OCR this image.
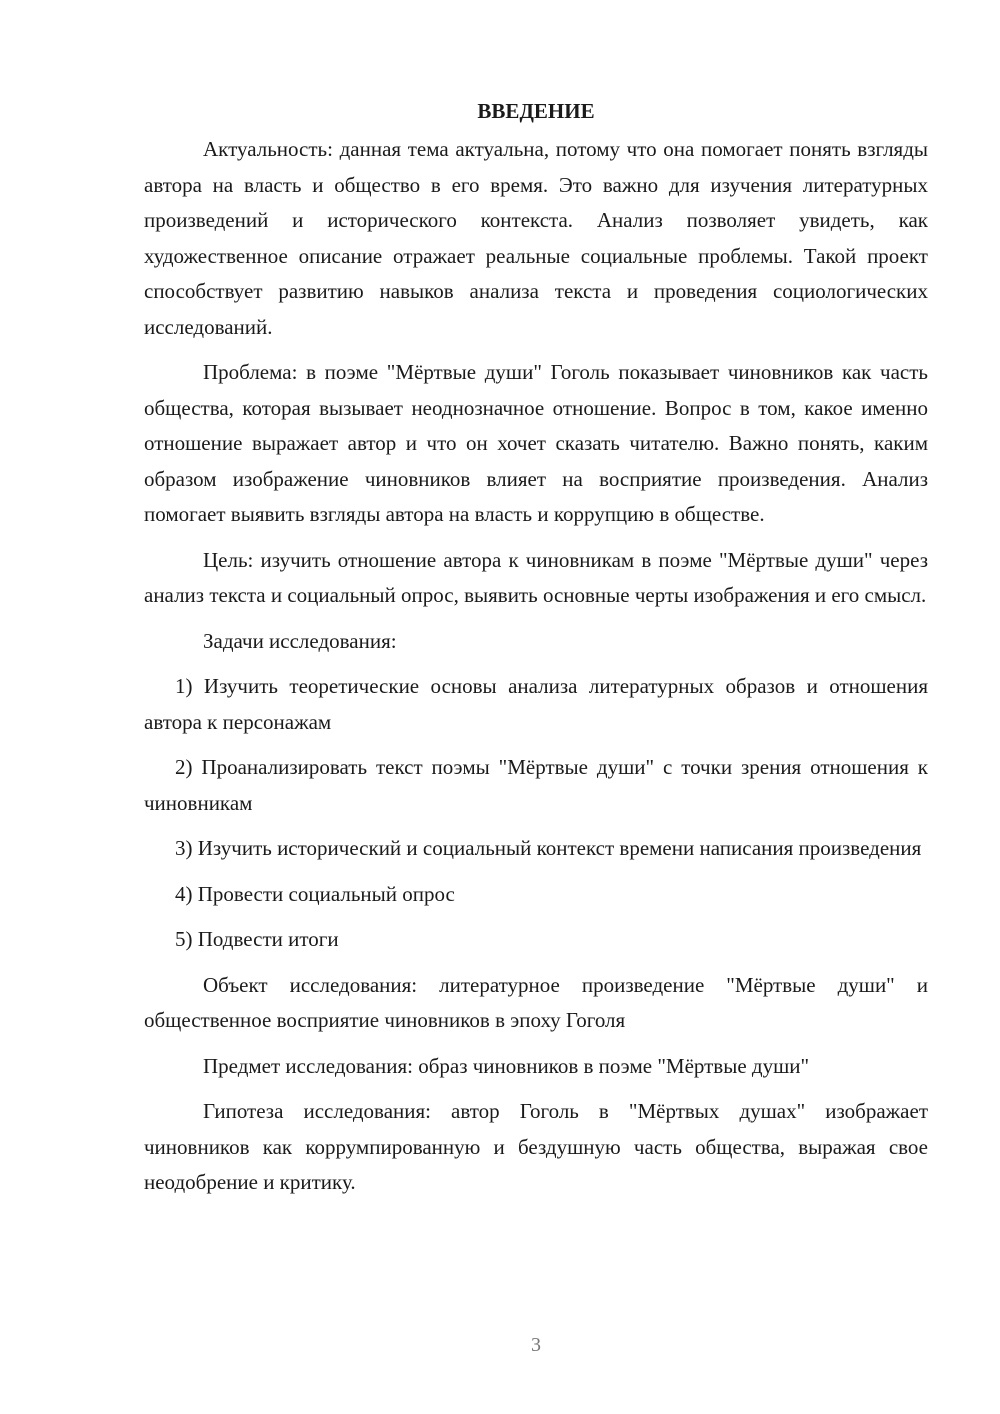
ВВЕДЕНИЕ

Актуальность: данная тема актуальна, потому что она помогает понять взгляды автора на власть и общество в его время. Это важно для изучения литературных произведений и исторического контекста. Анализ позволяет увидеть, как художественное описание отражает реальные социальные проблемы. Такой проект способствует развитию навыков анализа текста и проведения социологических исследований.

Проблема: в поэме "Мёртвые души" Гоголь показывает чиновников как часть общества, которая вызывает неоднозначное отношение. Вопрос в том, какое именно отношение выражает автор и что он хочет сказать читателю. Важно понять, каким образом изображение чиновников влияет на восприятие произведения. Анализ помогает выявить взгляды автора на власть и коррупцию в обществе.

Цель: изучить отношение автора к чиновникам в поэме "Мёртвые души" через анализ текста и социальный опрос, выявить основные черты изображения и его смысл.

Задачи исследования:

1) Изучить теоретические основы анализа литературных образов и отношения автора к персонажам

2) Проанализировать текст поэмы "Мёртвые души" с точки зрения отношения к чиновникам

3) Изучить исторический и социальный контекст времени написания произведения

4) Провести социальный опрос

5) Подвести итоги

Объект исследования: литературное произведение "Мёртвые души" и общественное восприятие чиновников в эпоху Гоголя

Предмет исследования: образ чиновников в поэме "Мёртвые души"

Гипотеза исследования: автор Гоголь в "Мёртвых душах" изображает чиновников как коррумпированную и бездушную часть общества, выражая свое неодобрение и критику.

3
